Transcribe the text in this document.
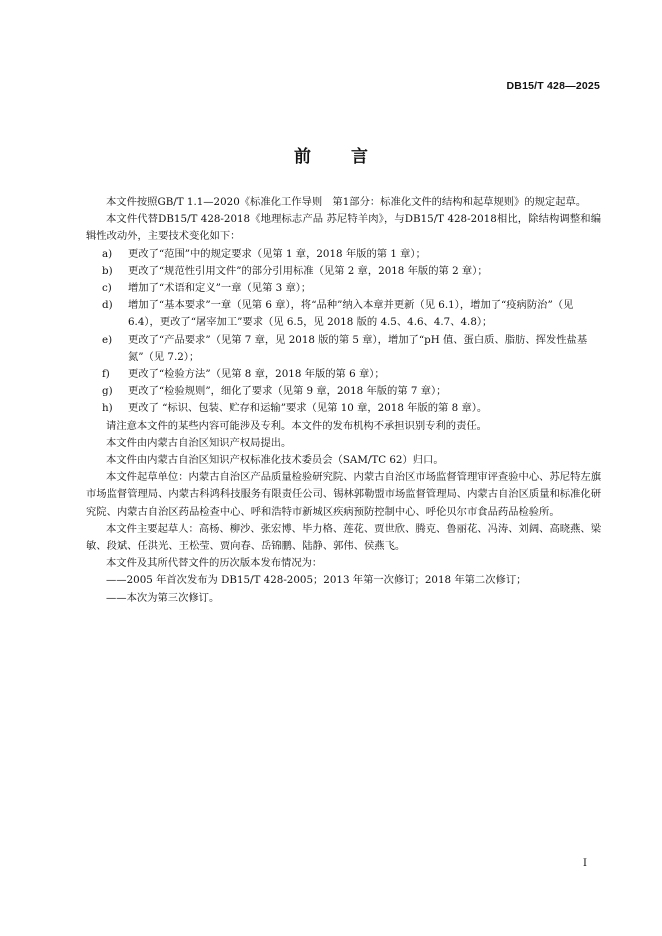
DB15/T 428—2025
前 言

本文件按照GB/T 1.1—2020《标准化工作导则　第1部分：标准化文件的结构和起草规则》的规定起草。

本文件代替DB15/T 428-2018《地理标志产品 苏尼特羊肉》，与DB15/T 428-2018相比，除结构调整和编辑性改动外，主要技术变化如下：

a)	更改了“范围”中的规定要求（见第 1 章，2018 年版的第 1 章）；
b)	更改了“规范性引用文件”的部分引用标准（见第 2 章，2018 年版的第 2 章）；
c)	增加了“术语和定义”一章（见第 3 章）；
d)	增加了“基本要求”一章（见第 6 章），将“品种”纳入本章并更新（见 6.1），增加了“疫病防治”（见 6.4），更改了“屠宰加工”要求（见 6.5，见 2018 版的 4.5、4.6、4.7、4.8）；
e)	更改了“产品要求”（见第 7 章，见 2018 版的第 5 章），增加了“pH 值、蛋白质、脂肪、挥发性盐基氮”（见 7.2）；
f)	更改了“检验方法”（见第 8 章，2018 年版的第 6 章）；
g)	更改了“检验规则”，细化了要求（见第 9 章，2018 年版的第 7 章）；
h)	更改了 “标识、包装、贮存和运输”要求（见第 10 章，2018 年版的第 8 章）。

请注意本文件的某些内容可能涉及专利。本文件的发布机构不承担识别专利的责任。

本文件由内蒙古自治区知识产权局提出。

本文件由内蒙古自治区知识产权标准化技术委员会（SAM/TC 62）归口。

本文件起草单位：内蒙古自治区产品质量检验研究院、内蒙古自治区市场监督管理审评查验中心、苏尼特左旗市场监督管理局、内蒙古科鸿科技服务有限责任公司、锡林郭勒盟市场监督管理局、内蒙古自治区质量和标准化研究院、内蒙古自治区药品检查中心、呼和浩特市新城区疾病预防控制中心、呼伦贝尔市食品药品检验所。

本文件主要起草人：高杨、柳沙、张宏博、毕力格、莲花、贾世欣、腾克、鲁丽花、冯涛、刘阔、高晓燕、梁敏、段斌、任洪光、王松莹、贾向春、岳锦鹏、陆静、郭伟、侯燕飞。

本文件及其所代替文件的历次版本发布情况为：

——2005 年首次发布为 DB15/T 428-2005；2013 年第一次修订；2018 年第二次修订；

——本次为第三次修订。

I
